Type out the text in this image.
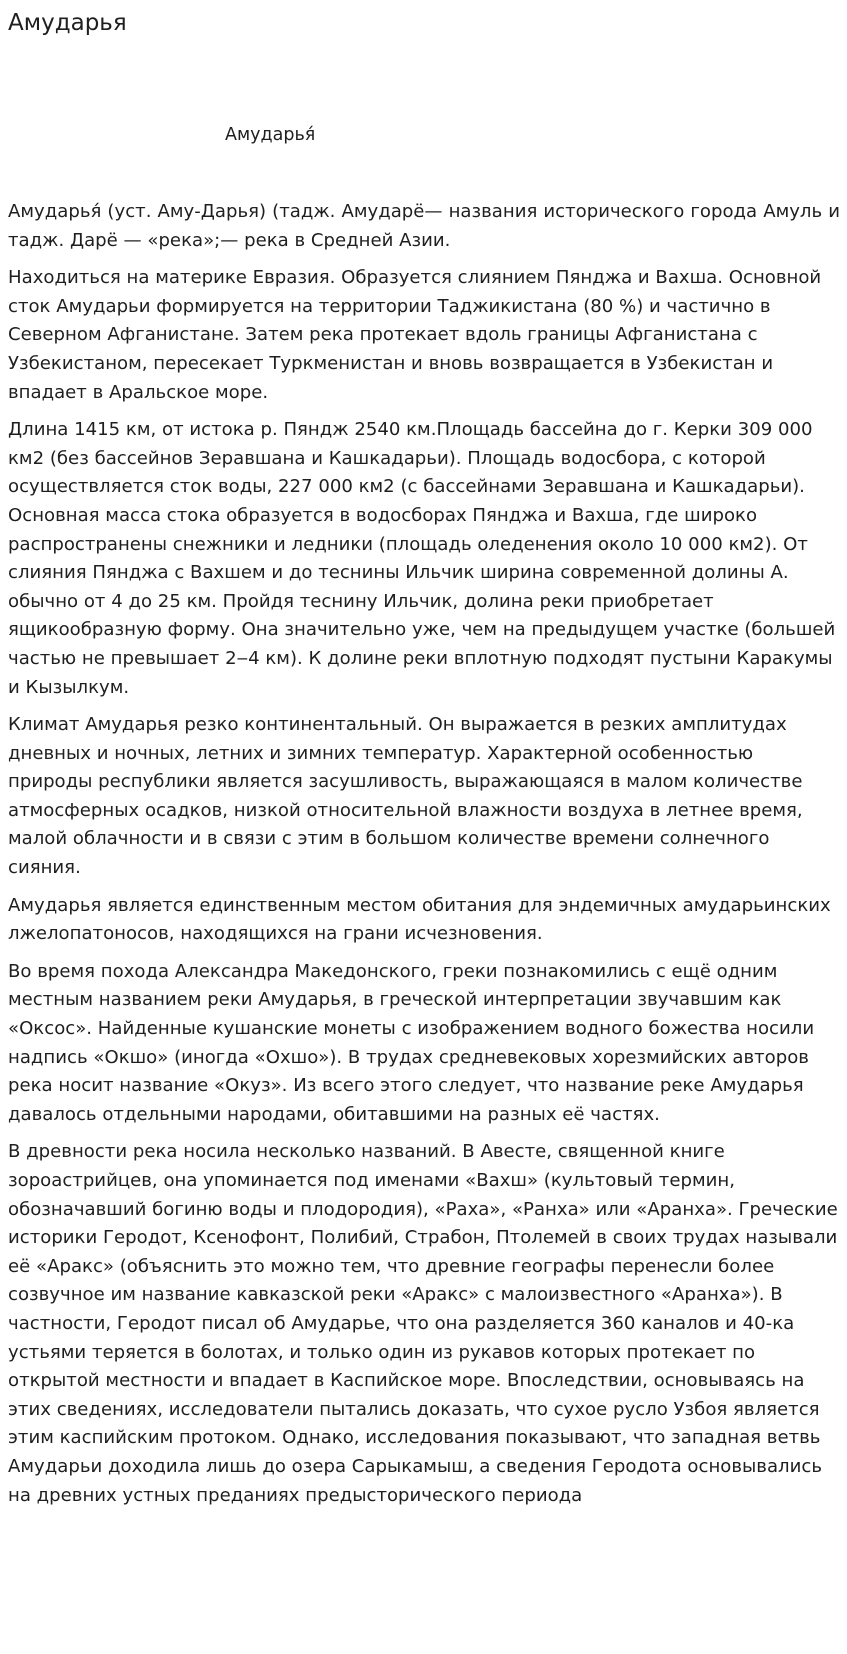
Амударья
Амударья́

Амударья́ (уст. Аму-Дарья) (тадж. Амударё— названия исторического города Амуль и тадж. Дарё — «река»;— река в Средней Азии.

Находиться на материке Евразия. Образуется слиянием Пянджа и Вахша. Основной сток Амударьи формируется на территории Таджикистана (80 %) и частично в Северном Афганистане. Затем река протекает вдоль границы Афганистана с Узбекистаном, пересекает Туркменистан и вновь возвращается в Узбекистан и впадает в Аральское море.

Длина 1415 км, от истока р. Пяндж 2540 км.Площадь бассейна до г. Керки 309 000 км2 (без бассейнов Зеравшана и Кашкадарьи). Площадь водосбора, с которой осуществляется сток воды, 227 000 км2 (с бассейнами Зеравшана и Кашкадарьи). Основная масса стока образуется в водосборах Пянджа и Вахша, где широко распространены снежники и ледники (площадь оледенения около 10 000 км2). От слияния Пянджа с Вахшем и до теснины Ильчик ширина современной долины А. обычно от 4 до 25 км. Пройдя теснину Ильчик, долина реки приобретает ящикообразную форму. Она значительно уже, чем на предыдущем участке (большей частью не превышает 2‒4 км). К долине реки вплотную подходят пустыни Каракумы и Кызылкум.

Климат Амударья резко континентальный. Он выражается в резких амплитудах дневных и ночных, летних и зимних температур. Характерной особенностью природы республики является засушливость, выражающаяся в малом количестве атмосферных осадков, низкой относительной влажности воздуха в летнее время, малой облачности и в связи с этим в большом количестве времени солнечного сияния.

Амударья является единственным местом обитания для эндемичных амударьинских лжелопатоносов, находящихся на грани исчезновения.

Во время похода Александра Македонского, греки познакомились с ещё одним местным названием реки Амударья, в греческой интерпретации звучавшим как «Оксос». Найденные кушанские монеты с изображением водного божества носили надпись «Окшо» (иногда «Охшо»). В трудах средневековых хорезмийских авторов река носит название «Окуз». Из всего этого следует, что название реке Амударья давалось отдельными народами, обитавшими на разных её частях.

В древности река носила несколько названий. В Авесте, священной книге зороастрийцев, она упоминается под именами «Вахш» (культовый термин, обозначавший богиню воды и плодородия), «Раха», «Ранха» или «Аранха». Греческие историки Геродот, Ксенофонт, Полибий, Страбон, Птолемей в своих трудах называли её «Аракс» (объяснить это можно тем, что древние географы перенесли более созвучное им название кавказской реки «Аракс» с малоизвестного «Аранха»). В частности, Геродот писал об Амударье, что она разделяется 360 каналов и 40-ка устьями теряется в болотах, и только один из рукавов которых протекает по открытой местности и впадает в Каспийское море. Впоследствии, основываясь на этих сведениях, исследователи пытались доказать, что сухое русло Узбоя является этим каспийским протоком. Однако, исследования показывают, что западная ветвь Амударьи доходила лишь до озера Сарыкамыш, а сведения Геродота основывались на древних устных преданиях предысторического периода
